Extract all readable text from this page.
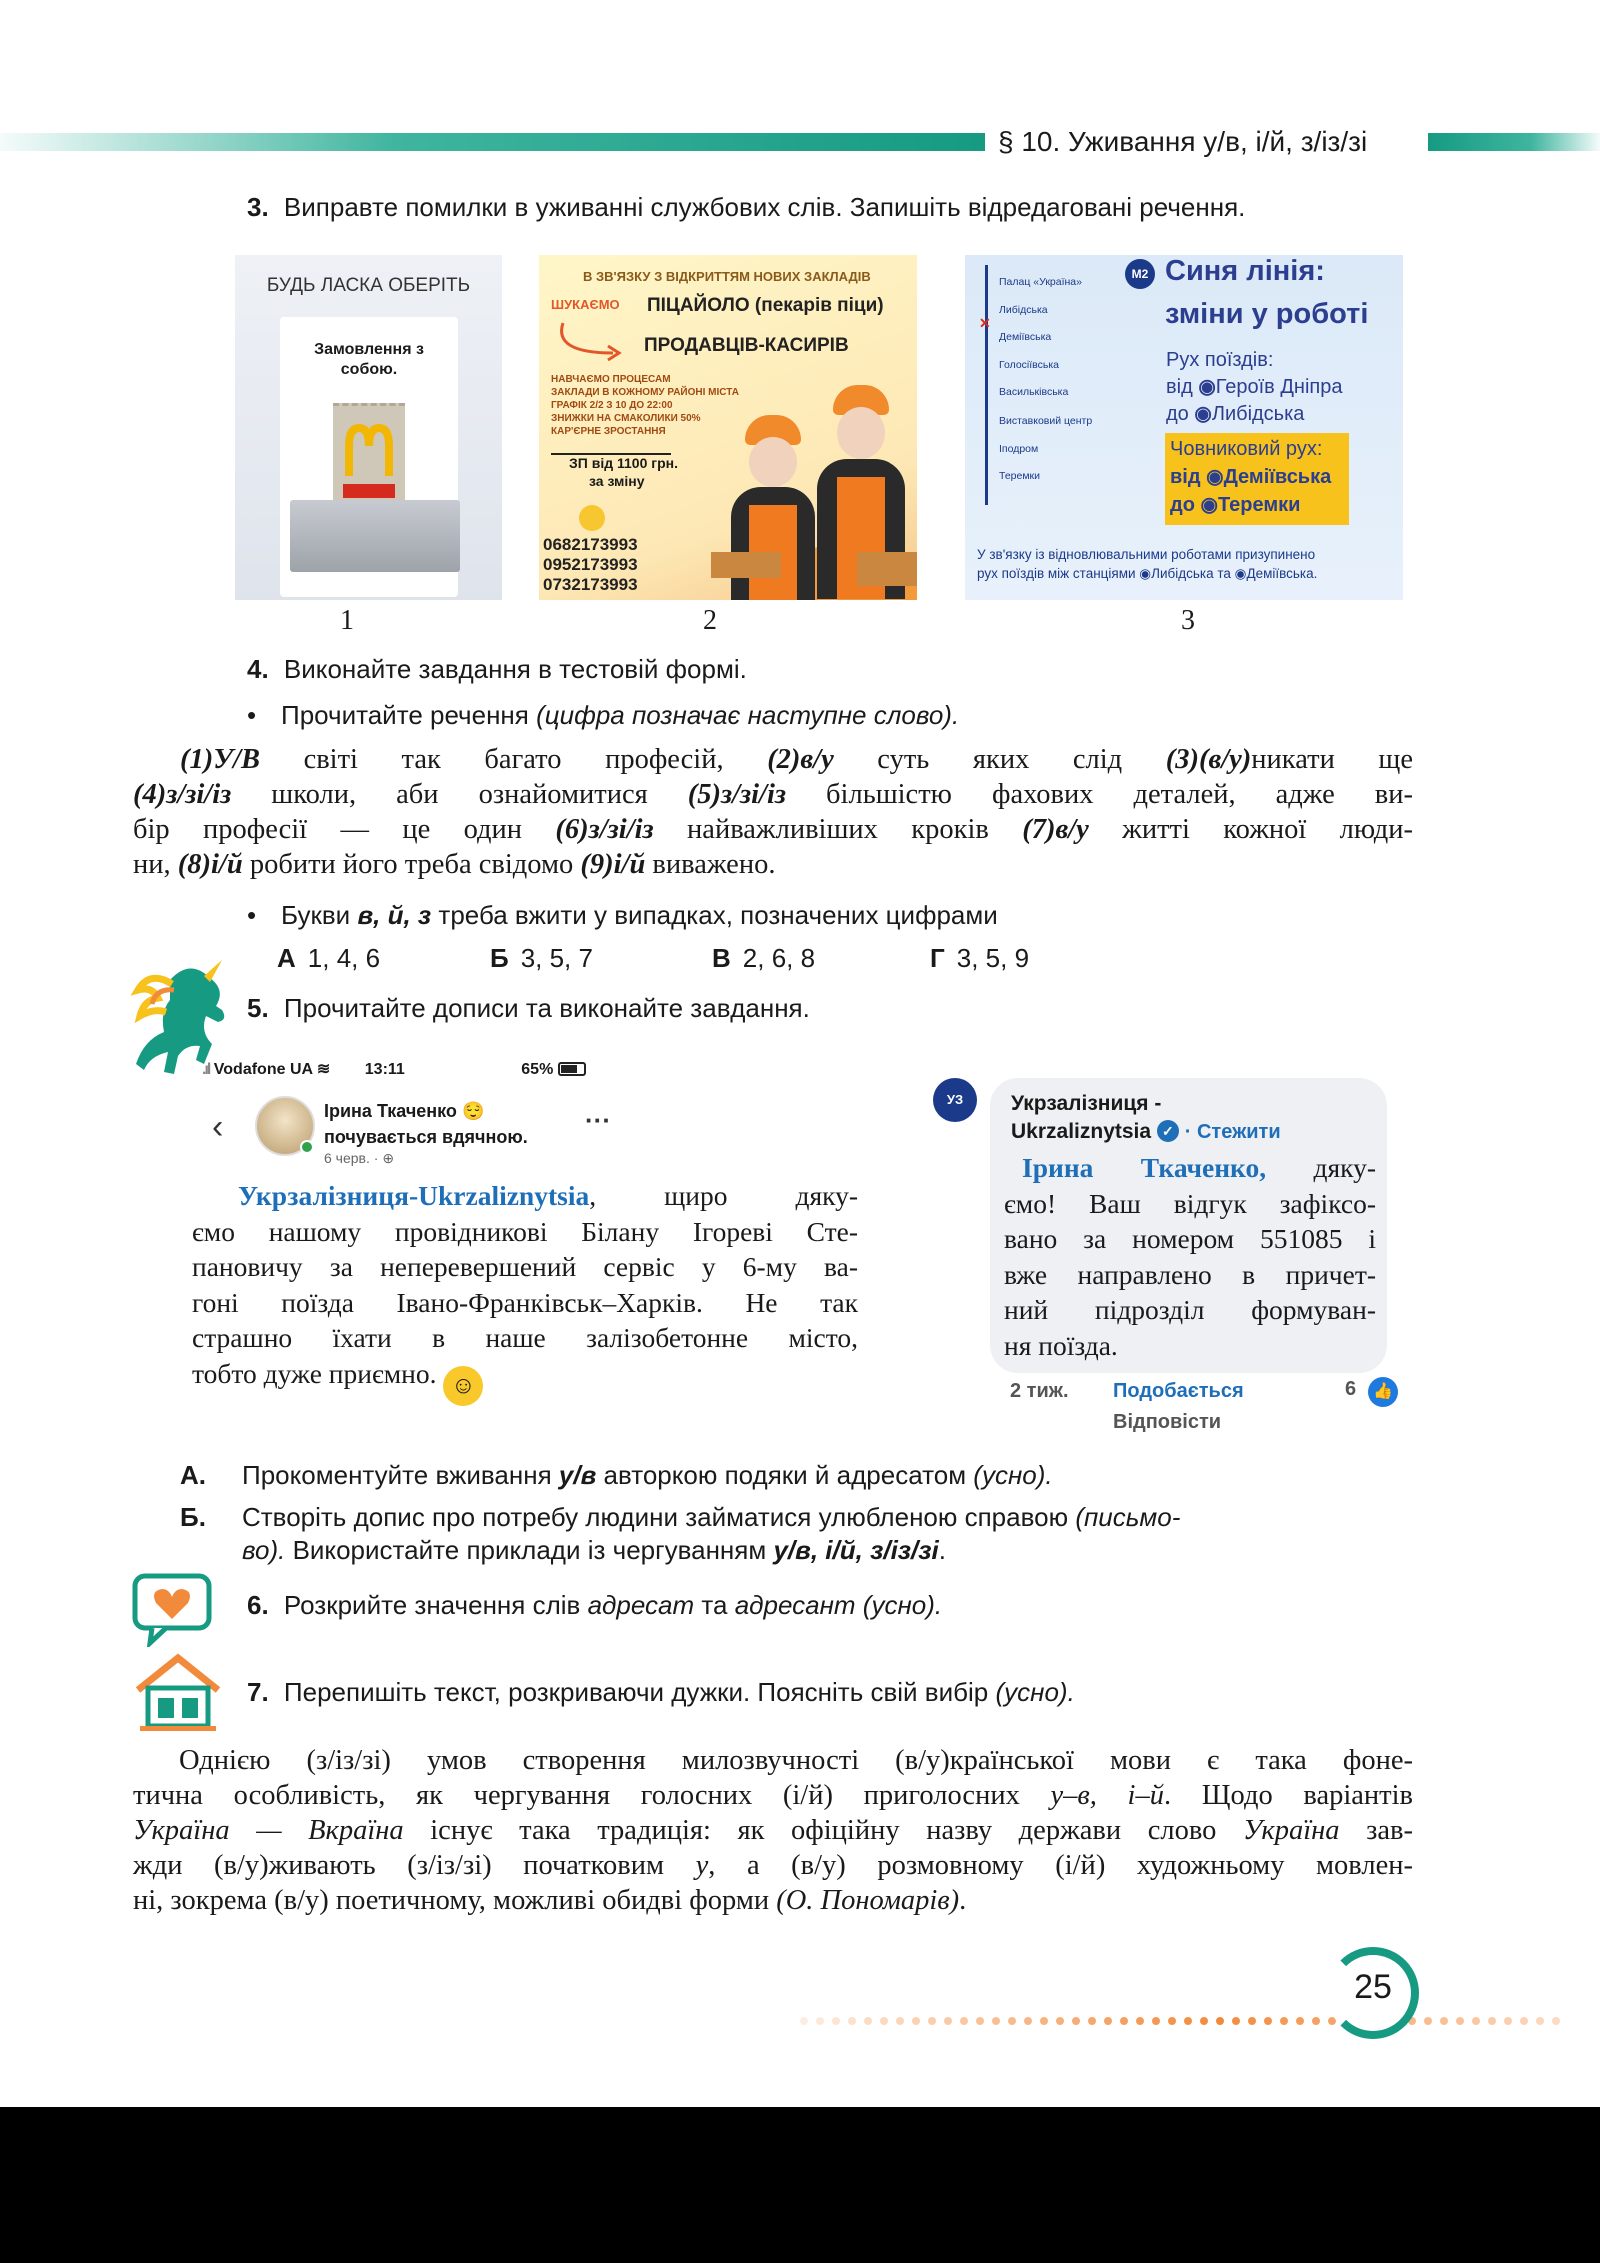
§ 10. Уживання у/в, і/й, з/із/зі
3. Виправте помилки в уживанні службових слів. Запишіть відредаговані речення.
БУДЬ ЛАСКА ОБЕРІТЬ
Замовлення з собою.
1
В ЗВ'ЯЗКУ З ВІДКРИТТЯМ НОВИХ ЗАКЛАДІВ
ШУКАЄМО ПІЦАЙОЛО (пекарів піци)
ПРОДАВЦІВ-КАСИРІВ
НАВЧАЄМО ПРОЦЕСАМ
ЗАКЛАДИ В КОЖНОМУ РАЙОНІ МІСТА
ГРАФІК 2/2 З 10 ДО 22:00
ЗНИЖКИ НА СМАКОЛИКИ 50%
КАР'ЄРНЕ ЗРОСТАННЯ
ЗП від 1100 грн.
за зміну
0682173993
0952173993
0732173993
2
Палац «Україна»
Либідська
Деміївська
Голосіївська
Васильківська
Виставковий центр
Іподром
Теремки
✕
M2 Синя лінія:
зміни у роботі
Рух поїздів:
від ◉Героїв Дніпра
до ◉Либідська
Човниковий рух:
від ◉Деміївська
до ◉Теремки
У зв'язку із відновлювальними роботами призупинено
рух поїздів між станціями ◉Либідська та ◉Деміївська.
3
4. Виконайте завдання в тестовій формі.
• Прочитайте речення (цифра позначає наступне слово).
(1)У/В світі так багато професій, (2)в/у суть яких слід (3)(в/у)никати ще
(4)з/зі/із школи, аби ознайомитися (5)з/зі/із більшістю фахових деталей, адже ви-
бір професії — це один (6)з/зі/із найважливіших кроків (7)в/у житті кожної люди-
ни, (8)і/й робити його треба свідомо (9)і/й виважено.
• Букви в, й, з треба вжити у випадках, позначених цифрами
А 1, 4, 6	Б 3, 5, 7	В 2, 6, 8	Г 3, 5, 9
5. Прочитайте дописи та виконайте завдання.
.ıl Vodafone UA ≋ 13:11	65%
‹	Ірина Ткаченко 😌
почувається вдячною.
6 черв. · ⊕
···
Укрзалізниця-Ukrzaliznytsia, щиро дяку-
ємо нашому провідникові Білану Ігореві Сте-
пановичу за неперевершений сервіс у 6-му ва-
гоні поїзда Івано-Франківськ–Харків. Не так
страшно їхати в наше залізобетонне місто,
тобто дуже приємно. ☺
УЗ	Укрзалізниця -
Ukrzaliznytsia ✓ · Стежити
Ірина Ткаченко, дяку-
ємо! Ваш відгук зафіксо-
вано за номером 551085 і
вже направлено в причет-
ний підрозділ формуван-
ня поїзда.
2 тиж. Подобається
Відповісти
6	👍
А. Прокоментуйте вживання у/в авторкою подяки й адресатом (усно).
Б. Створіть допис про потребу людини займатися улюбленою справою (письмо-
во). Використайте приклади із чергуванням у/в, і/й, з/із/зі.
6. Розкрийте значення слів адресат та адресант (усно).
7. Перепишіть текст, розкриваючи дужки. Поясніть свій вибір (усно).
Однією (з/із/зі) умов створення милозвучності (в/у)країнської мови є така фоне-
тична особливість, як чергування голосних (і/й) приголосних у–в, і–й. Щодо варіантів
Україна — Вкраїна існує така традиція: як офіційну назву держави слово Україна зав-
жди (в/у)живають (з/із/зі) початковим у, а (в/у) розмовному (і/й) художньому мовлен-
ні, зокрема (в/у) поетичному, можливі обидві форми (О. Пономарів).
25
